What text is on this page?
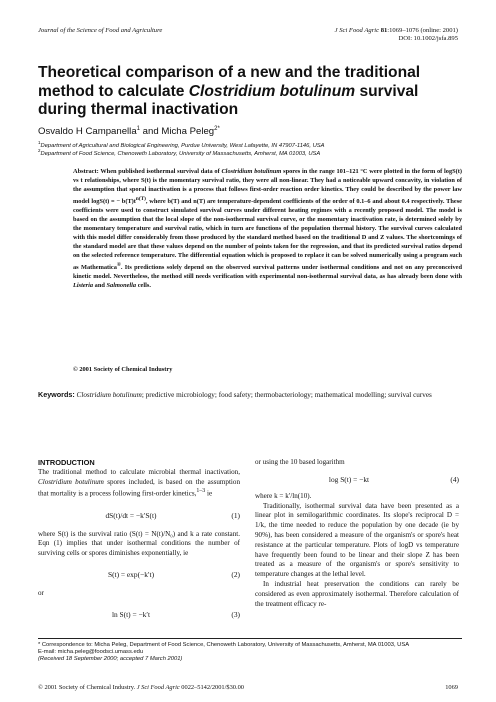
Journal of the Science of Food and Agriculture	J Sci Food Agric 81:1069–1076 (online: 2001)
DOI: 10.1002/jsfa.895
Theoretical comparison of a new and the traditional method to calculate Clostridium botulinum survival during thermal inactivation
Osvaldo H Campanella$^1$ and Micha Peleg$^{2*}$
$^1$Department of Agricultural and Biological Engineering, Purdue University, West Lafayette, IN 47907-1146, USA
$^2$Department of Food Science, Chenoweth Laboratory, University of Massachusetts, Amherst, MA 01003, USA
Abstract: When published isothermal survival data of Clostridium botulinum spores in the range 101–121 °C were plotted in the form of logS(t) vs t relationships, where S(t) is the momentary survival ratio, they were all non-linear. They had a noticeable upward concavity, in violation of the assumption that sporal inactivation is a process that follows first-order reaction order kinetics. They could be described by the power law model logS(t) = − $b(T)t^{n(T)}$, where b(T) and n(T) are temperature-dependent coefficients of the order of 0.1–6 and about 0.4 respectively. These coefficients were used to construct simulated survival curves under different heating regimes with a recently proposed model. The model is based on the assumption that the local slope of the non-isothermal survival curve, or the momentary inactivation rate, is determined solely by the momentary temperature and survival ratio, which in turn are functions of the population thermal history. The survival curves calculated with this model differ considerably from those produced by the standard method based on the traditional D and Z values. The shortcomings of the standard model are that these values depend on the number of points taken for the regression, and that its predicted survival ratios depend on the selected reference temperature. The differential equation which is proposed to replace it can be solved numerically using a program such as Mathematica®. Its predictions solely depend on the observed survival patterns under isothermal conditions and not on any preconceived kinetic model. Nevertheless, the method still needs verification with experimental non-isothermal survival data, as has already been done with Listeria and Salmonella cells.
© 2001 Society of Chemical Industry
Keywords: Clostridium botulinum; predictive microbiology; food safety; thermobacteriology; mathematical modelling; survival curves
INTRODUCTION
The traditional method to calculate microbial thermal inactivation, Clostridium botulinum spores included, is based on the assumption that mortality is a process following first-order kinetics,$^{1-3}$ ie
dS(t)/dt = −k′S(t)	(1)
where S(t) is the survival ratio (S(t) = N(t)/N₀) and k a rate constant. Eqn (1) implies that under isothermal conditions the number of surviving cells or spores diminishes exponentially, ie
S(t) = exp(−k′t)	(2)
or
ln S(t) = −k′t	(3)
or using the 10 based logarithm
log S(t) = −kt	(4)
where k = k′/ln(10).
Traditionally, isothermal survival data have been presented as a linear plot in semilogarithmic coordinates. Its slope's reciprocal D = 1/k, the time needed to reduce the population by one decade (ie by 90%), has been considered a measure of the organism's or spore's heat resistance at the particular temperature. Plots of logD vs temperature have frequently been found to be linear and their slope Z has been treated as a measure of the organism's or spore's sensitivity to temperature changes at the lethal level.
In industrial heat preservation the conditions can rarely be considered as even approximately isothermal. Therefore calculation of the treatment efficacy re-
* Correspondence to: Micha Peleg, Department of Food Science, Chenoweth Laboratory, University of Massachusetts, Amherst, MA 01003, USA
E-mail: micha.peleg@foodsci.umass.edu
(Received 18 September 2000; accepted 7 March 2001)
© 2001 Society of Chemical Industry. J Sci Food Agric 0022–5142/2001/$30.00	1069
